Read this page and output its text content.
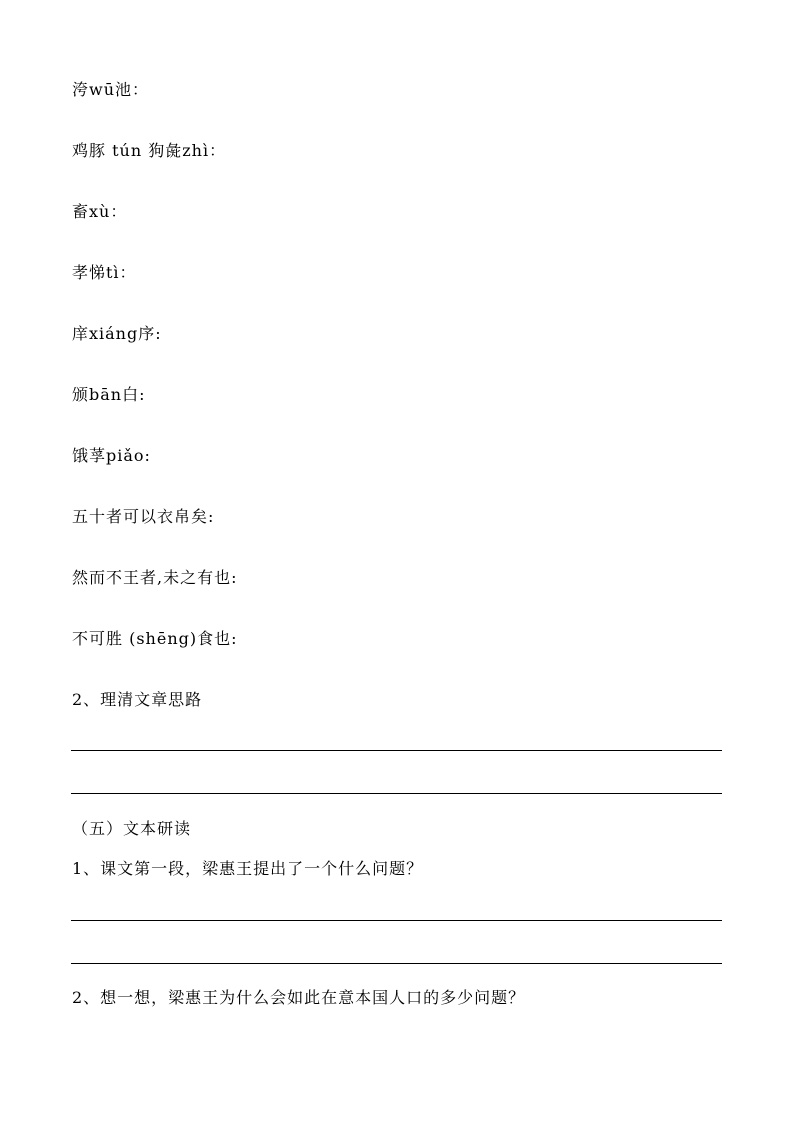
洿wū池：
鸡豚 tún 狗彘zhì：
畜xù：
孝悌tì：
庠xiáng序:
颁bān白:
饿莩piǎo:
五十者可以衣帛矣:
然而不王者,未之有也:
不可胜 (shēng)食也:
2、理清文章思路
（五）文本研读
1、课文第一段，梁惠王提出了一个什么问题？
2、想一想，梁惠王为什么会如此在意本国人口的多少问题？
